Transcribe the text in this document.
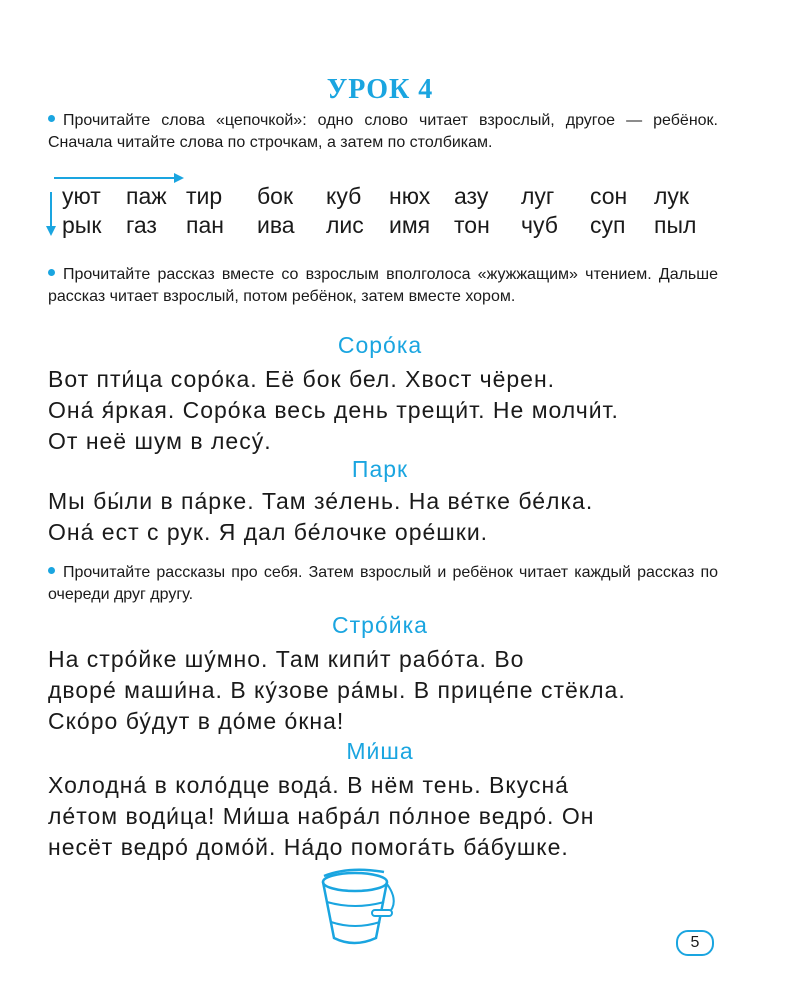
УРОК 4
Прочитайте слова «цепочкой»: одно слово читает взрослый, другое — ребёнок. Сначала читайте слова по строчкам, а затем по столбикам.
уют паж тир бок куб нюх азу луг сон лук
рык газ пан ива лис имя тон чуб суп пыл
Прочитайте рассказ вместе со взрослым вполголоса «жужжащим» чтением. Дальше рассказ читает взрослый, потом ребёнок, затем вместе хором.
Соро́ка
Вот пти́ца соро́ка. Её бок бел. Хвост чёрен.
Она́ я́ркая. Соро́ка весь день трещи́т. Не молчи́т.
От неё шум в лесу́.
Парк
Мы бы́ли в па́рке. Там зе́лень. На ве́тке бе́лка.
Она́ ест с рук. Я дал бе́лочке оре́шки.
Прочитайте рассказы про себя. Затем взрослый и ребёнок читает каждый рассказ по очереди друг другу.
Стро́йка
На стро́йке шу́мно. Там кипи́т рабо́та. Во
дворе́ маши́на. В ку́зове ра́мы. В прице́пе стёкла.
Ско́ро бу́дут в до́ме о́кна!
Ми́ша
Холодна́ в коло́дце вода́. В нём тень. Вкусна́
ле́том води́ца! Ми́ша набра́л по́лное ведро́. Он
несёт ведро́ домо́й. На́до помога́ть ба́бушке.
5
